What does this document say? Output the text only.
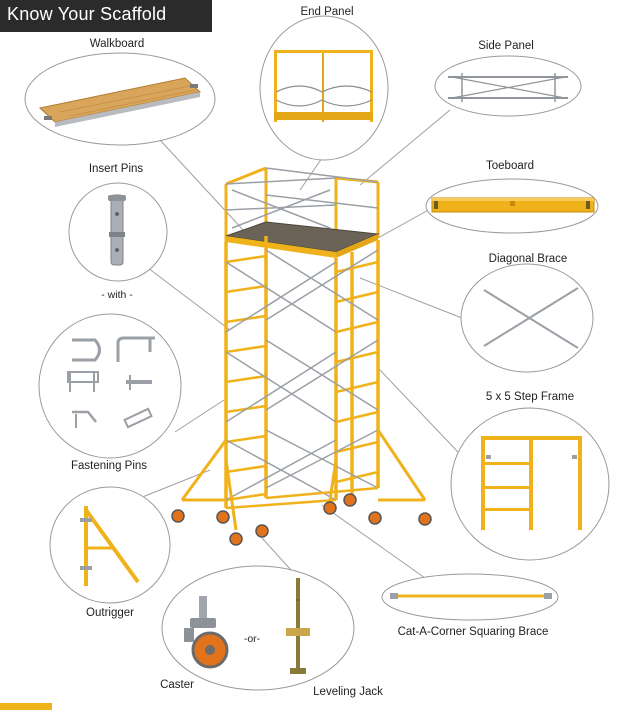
Know Your Scaffold	End Panel
Walkboard	Side Panel
Insert Pins
- with -
Toeboard
Diagonal Brace
5 x 5 Step Frame
Fastening Pins
Outrigger
-or-
Caster
Leveling Jack
Cat-A-Corner Squaring Brace
